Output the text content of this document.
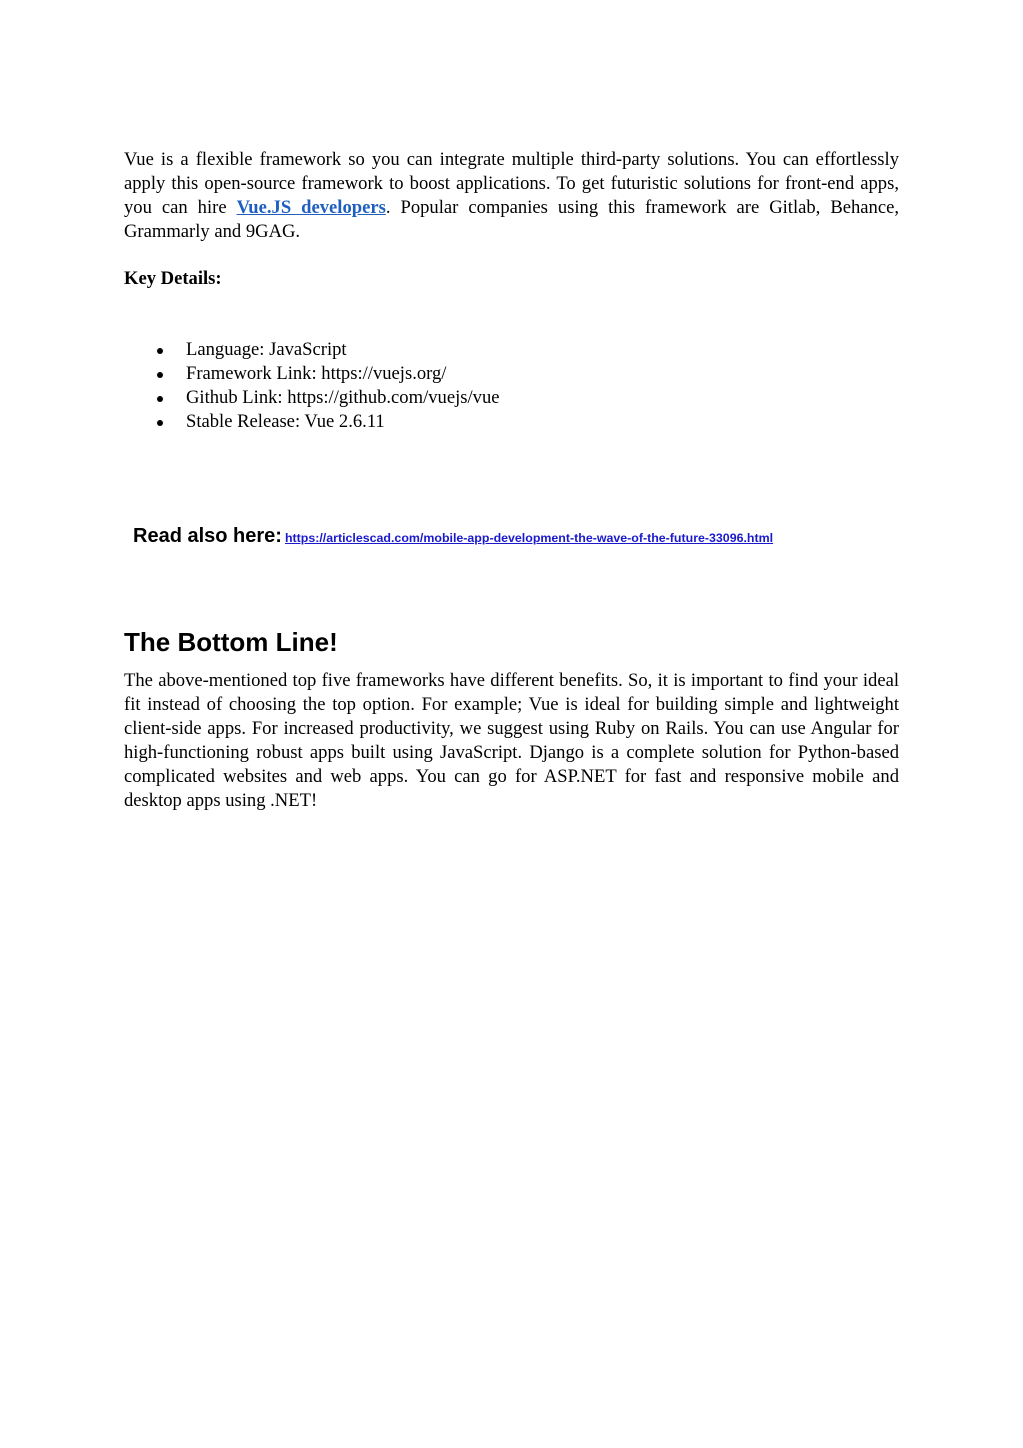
Vue is a flexible framework so you can integrate multiple third-party solutions. You can effortlessly apply this open-source framework to boost applications. To get futuristic solutions for front-end apps, you can hire Vue.JS developers. Popular companies using this framework are Gitlab, Behance, Grammarly and 9GAG.

Key Details:

Language: JavaScript
Framework Link: https://vuejs.org/
Github Link: https://github.com/vuejs/vue
Stable Release: Vue 2.6.11
Read also here: https://articlescad.com/mobile-app-development-the-wave-of-the-future-33096.html
The Bottom Line!

The above-mentioned top five frameworks have different benefits. So, it is important to find your ideal fit instead of choosing the top option. For example; Vue is ideal for building simple and lightweight client-side apps. For increased productivity, we suggest using Ruby on Rails. You can use Angular for high-functioning robust apps built using JavaScript. Django is a complete solution for Python-based complicated websites and web apps. You can go for ASP.NET for fast and responsive mobile and desktop apps using .NET!
